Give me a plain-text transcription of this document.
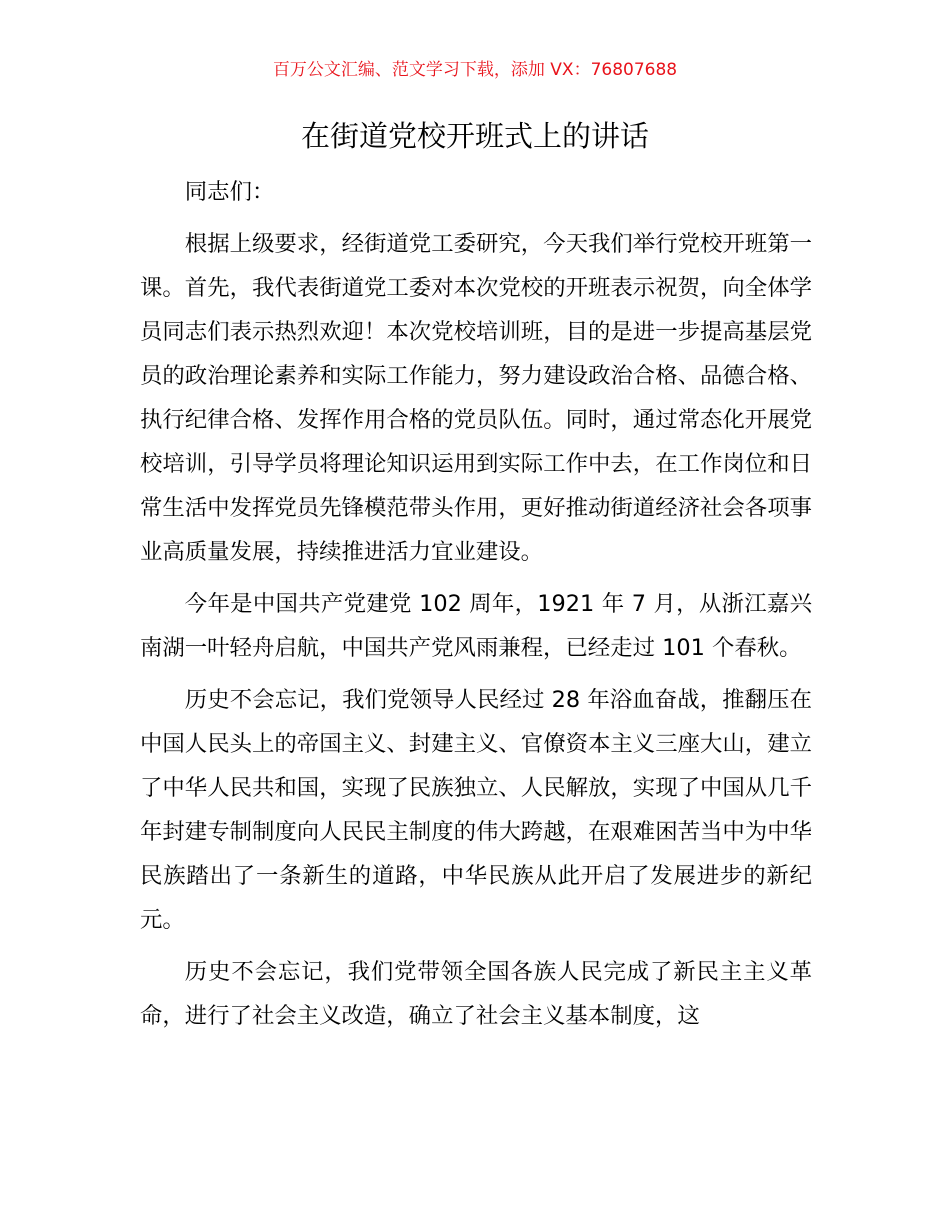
百万公文汇编、范文学习下载，添加 VX：76807688
在街道党校开班式上的讲话

同志们：

根据上级要求，经街道党工委研究，今天我们举行党校开班第一课。首先，我代表街道党工委对本次党校的开班表示祝贺，向全体学员同志们表示热烈欢迎！本次党校培训班，目的是进一步提高基层党员的政治理论素养和实际工作能力，努力建设政治合格、品德合格、执行纪律合格、发挥作用合格的党员队伍。同时，通过常态化开展党校培训，引导学员将理论知识运用到实际工作中去，在工作岗位和日常生活中发挥党员先锋模范带头作用，更好推动街道经济社会各项事业高质量发展，持续推进活力宜业建设。

今年是中国共产党建党 102 周年，1921 年 7 月，从浙江嘉兴南湖一叶轻舟启航，中国共产党风雨兼程，已经走过 101 个春秋。

历史不会忘记，我们党领导人民经过 28 年浴血奋战，推翻压在中国人民头上的帝国主义、封建主义、官僚资本主义三座大山，建立了中华人民共和国，实现了民族独立、人民解放，实现了中国从几千年封建专制制度向人民民主制度的伟大跨越，在艰难困苦当中为中华民族踏出了一条新生的道路，中华民族从此开启了发展进步的新纪元。

历史不会忘记，我们党带领全国各族人民完成了新民主主义革命，进行了社会主义改造，确立了社会主义基本制度，这
